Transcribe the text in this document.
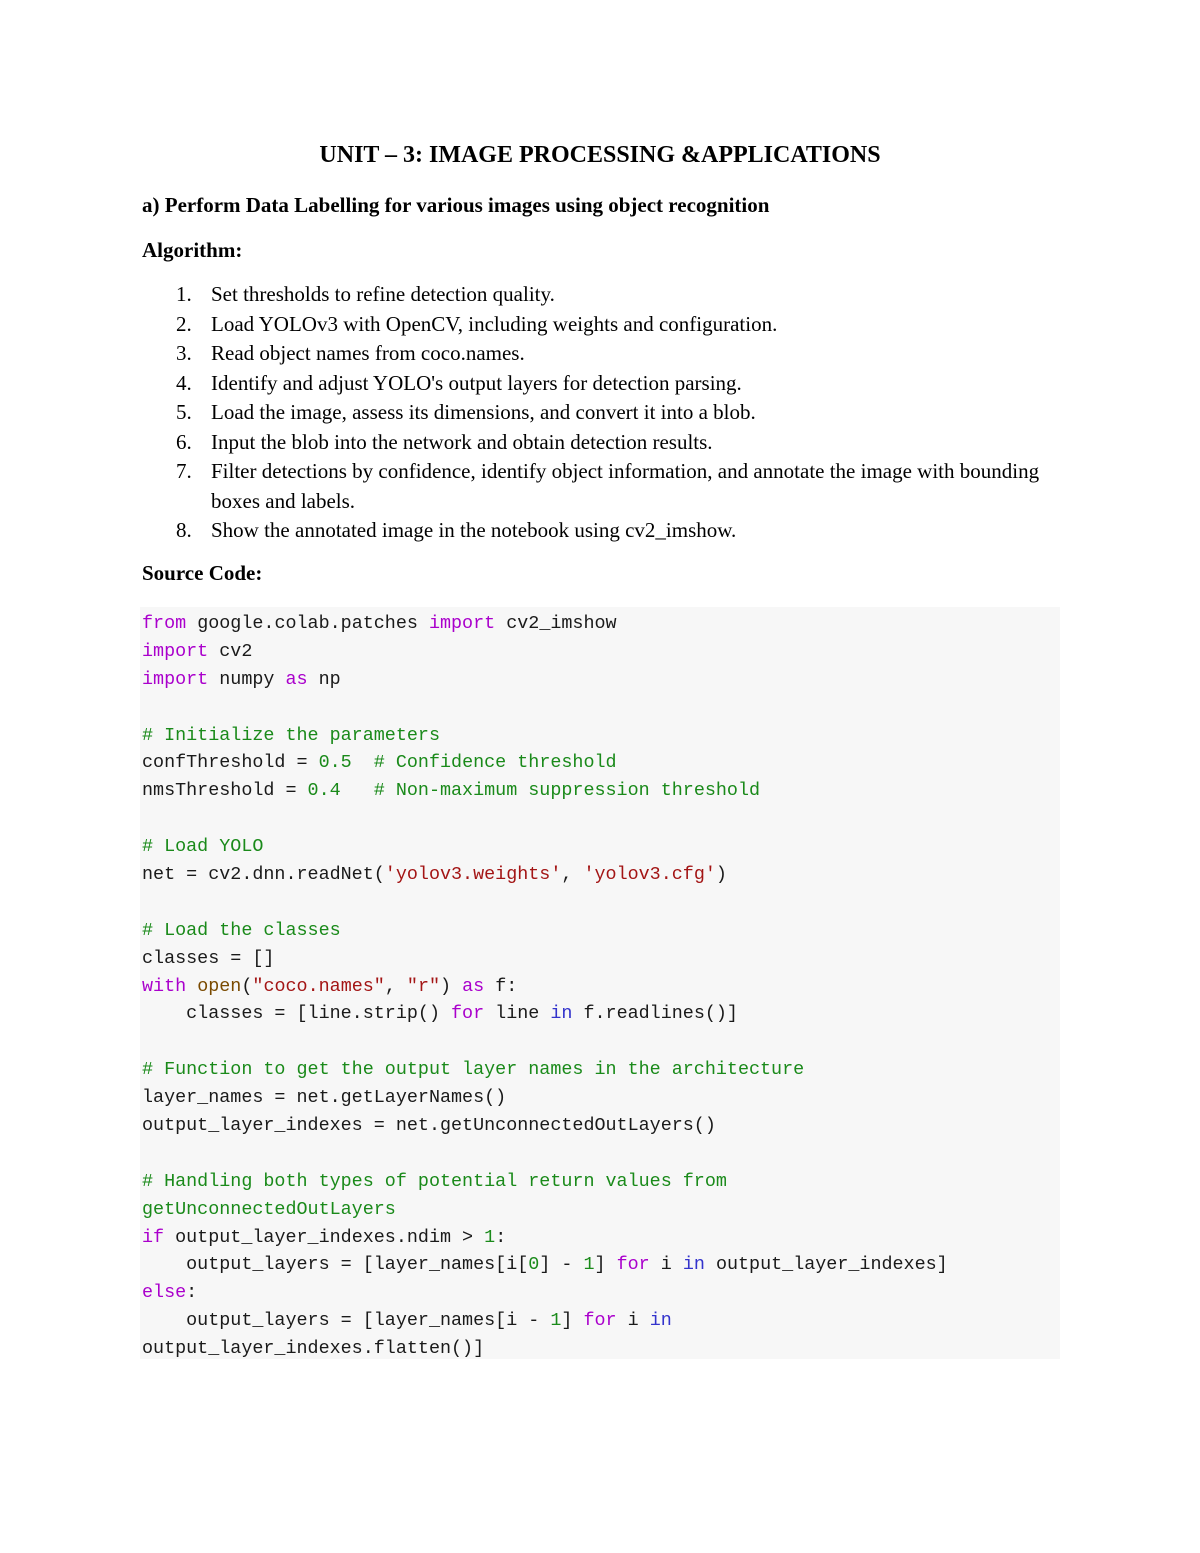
UNIT – 3: IMAGE PROCESSING &APPLICATIONS

a) Perform Data Labelling for various images using object recognition

Algorithm:

1. Set thresholds to refine detection quality.
2. Load YOLOv3 with OpenCV, including weights and configuration.
3. Read object names from coco.names.
4. Identify and adjust YOLO's output layers for detection parsing.
5. Load the image, assess its dimensions, and convert it into a blob.
6. Input the blob into the network and obtain detection results.
7. Filter detections by confidence, identify object information, and annotate the image with bounding boxes and labels.
8. Show the annotated image in the notebook using cv2_imshow.

Source Code:

from google.colab.patches import cv2_imshow
import cv2
import numpy as np
# Initialize the parameters
confThreshold = 0.5 # Confidence threshold
nmsThreshold = 0.4 # Non-maximum suppression threshold
# Load YOLO
net = cv2.dnn.readNet('yolov3.weights', 'yolov3.cfg')
# Load the classes
classes = []
with open("coco.names", "r") as f:
classes = [line.strip() for line in f.readlines()]
# Function to get the output layer names in the architecture
layer_names = net.getLayerNames()
output_layer_indexes = net.getUnconnectedOutLayers()
# Handling both types of potential return values from
getUnconnectedOutLayers
if output_layer_indexes.ndim > 1:
output_layers = [layer_names[i[0] - 1] for i in output_layer_indexes]
else:
output_layers = [layer_names[i - 1] for i in
output_layer_indexes.flatten()]
